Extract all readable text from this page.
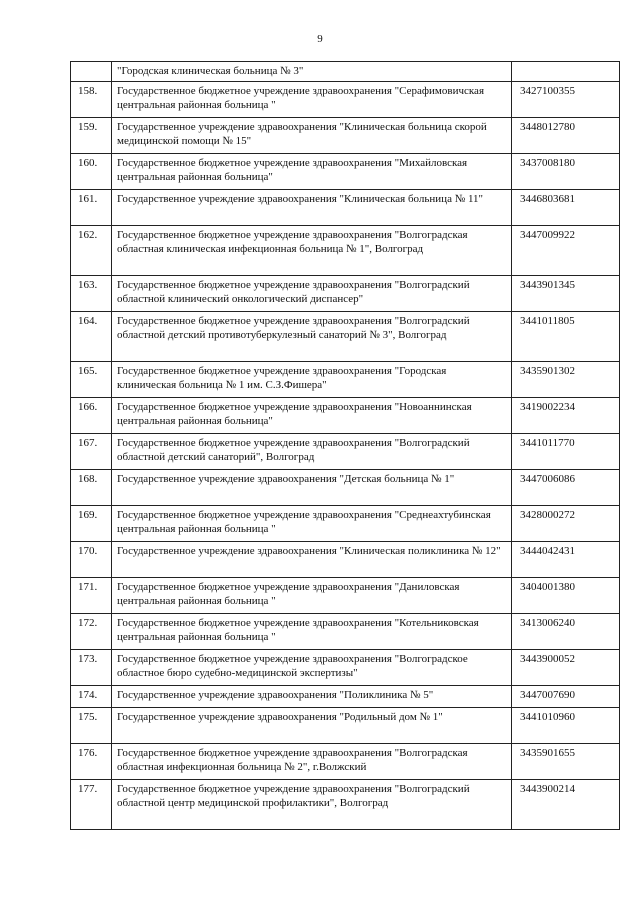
9
	"Городская клиническая больница № 3"	
158.	Государственное бюджетное учреждение здравоохранения "Серафимовичская центральная районная больница "	3427100355
159.	Государственное учреждение здравоохранения "Клиническая больница скорой медицинской помощи № 15"	3448012780
160.	Государственное бюджетное учреждение здравоохранения "Михайловская центральная районная больница"	3437008180
161.	Государственное учреждение здравоохранения "Клиническая больница № 11"	3446803681
162.	Государственное бюджетное учреждение здравоохранения "Волгоградская областная клиническая инфекционная больница № 1", Волгоград	3447009922
163.	Государственное бюджетное учреждение здравоохранения "Волгоградский областной клинический онкологический диспансер"	3443901345
164.	Государственное бюджетное учреждение здравоохранения "Волгоградский областной детский противотуберкулезный санаторий № 3", Волгоград	3441011805
165.	Государственное бюджетное учреждение здравоохранения "Городская клиническая больница № 1 им. С.З.Фишера"	3435901302
166.	Государственное бюджетное учреждение здравоохранения "Новоаннинская центральная районная больница"	3419002234
167.	Государственное бюджетное учреждение здравоохранения "Волгоградский областной детский санаторий", Волгоград	3441011770
168.	Государственное учреждение здравоохранения "Детская больница № 1"	3447006086
169.	Государственное бюджетное учреждение здравоохранения "Среднеахтубинская центральная районная больница "	3428000272
170.	Государственное учреждение здравоохранения "Клиническая поликлиника № 12"	3444042431
171.	Государственное бюджетное учреждение здравоохранения "Даниловская центральная районная больница "	3404001380
172.	Государственное бюджетное учреждение здравоохранения "Котельниковская центральная районная больница "	3413006240
173.	Государственное бюджетное учреждение здравоохранения "Волгоградское областное бюро судебно-медицинской экспертизы"	3443900052
174.	Государственное учреждение здравоохранения "Поликлиника № 5"	3447007690
175.	Государственное учреждение здравоохранения "Родильный дом № 1"	3441010960
176.	Государственное бюджетное учреждение здравоохранения "Волгоградская областная инфекционная больница № 2", г.Волжский	3435901655
177.	Государственное бюджетное учреждение здравоохранения "Волгоградский областной центр медицинской профилактики", Волгоград	3443900214
